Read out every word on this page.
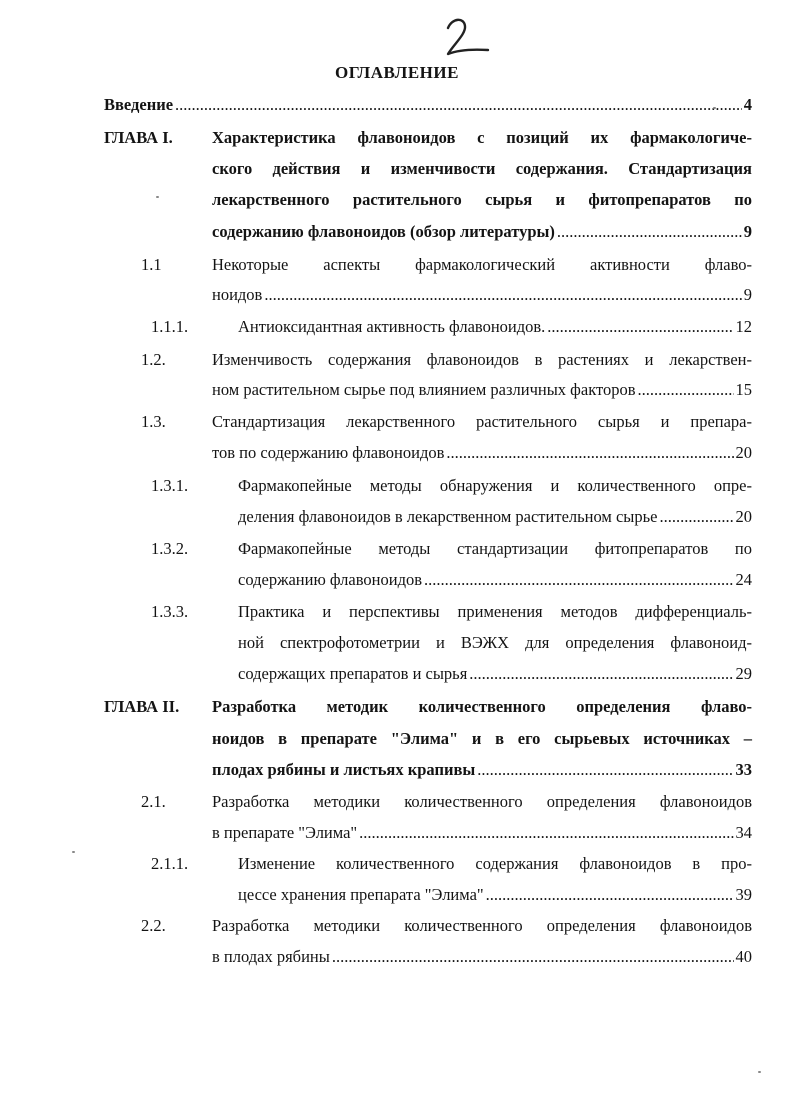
ОГЛАВЛЕНИЕ
Введение .....	4
ГЛАВА I. Характеристика флавоноидов с позиций их фармакологиче-
ского действия и изменчивости содержания. Стандартизация
лекарственного растительного сырья и фитопрепаратов по
содержанию флавоноидов (обзор литературы) .....	9
1.1	Некоторые аспекты фармакологический активности флаво-
ноидов .....	9
1.1.1.	Антиоксидантная активность флавоноидов. .....	12
1.2.	Изменчивость содержания флавоноидов в растениях и лекарствен-
ном растительном сырье под влиянием различных факторов .....	15
1.3.	Стандартизация лекарственного растительного сырья и препара-
тов по содержанию флавоноидов .....	20
1.3.1.	Фармакопейные методы обнаружения и количественного опре-
деления флавоноидов в лекарственном растительном сырье .....	20
1.3.2.	Фармакопейные методы стандартизации фитопрепаратов по
содержанию флавоноидов .....	24
1.3.3.	Практика и перспективы применения методов дифференциаль-
ной спектрофотометрии и ВЭЖХ для определения флавоноид-
содержащих препаратов и сырья .....	29
ГЛАВА II. Разработка методик количественного определения флаво-
ноидов в препарате "Элима" и в его сырьевых источниках –
плодах рябины и листьях крапивы .....	33
2.1.	Разработка методики количественного определения флавоноидов
в препарате "Элима" .....	34
2.1.1.	Изменение количественного содержания флавоноидов в про-
цессе хранения препарата "Элима" .....	39
2.2.	Разработка методики количественного определения флавоноидов
в плодах рябины .....	40
